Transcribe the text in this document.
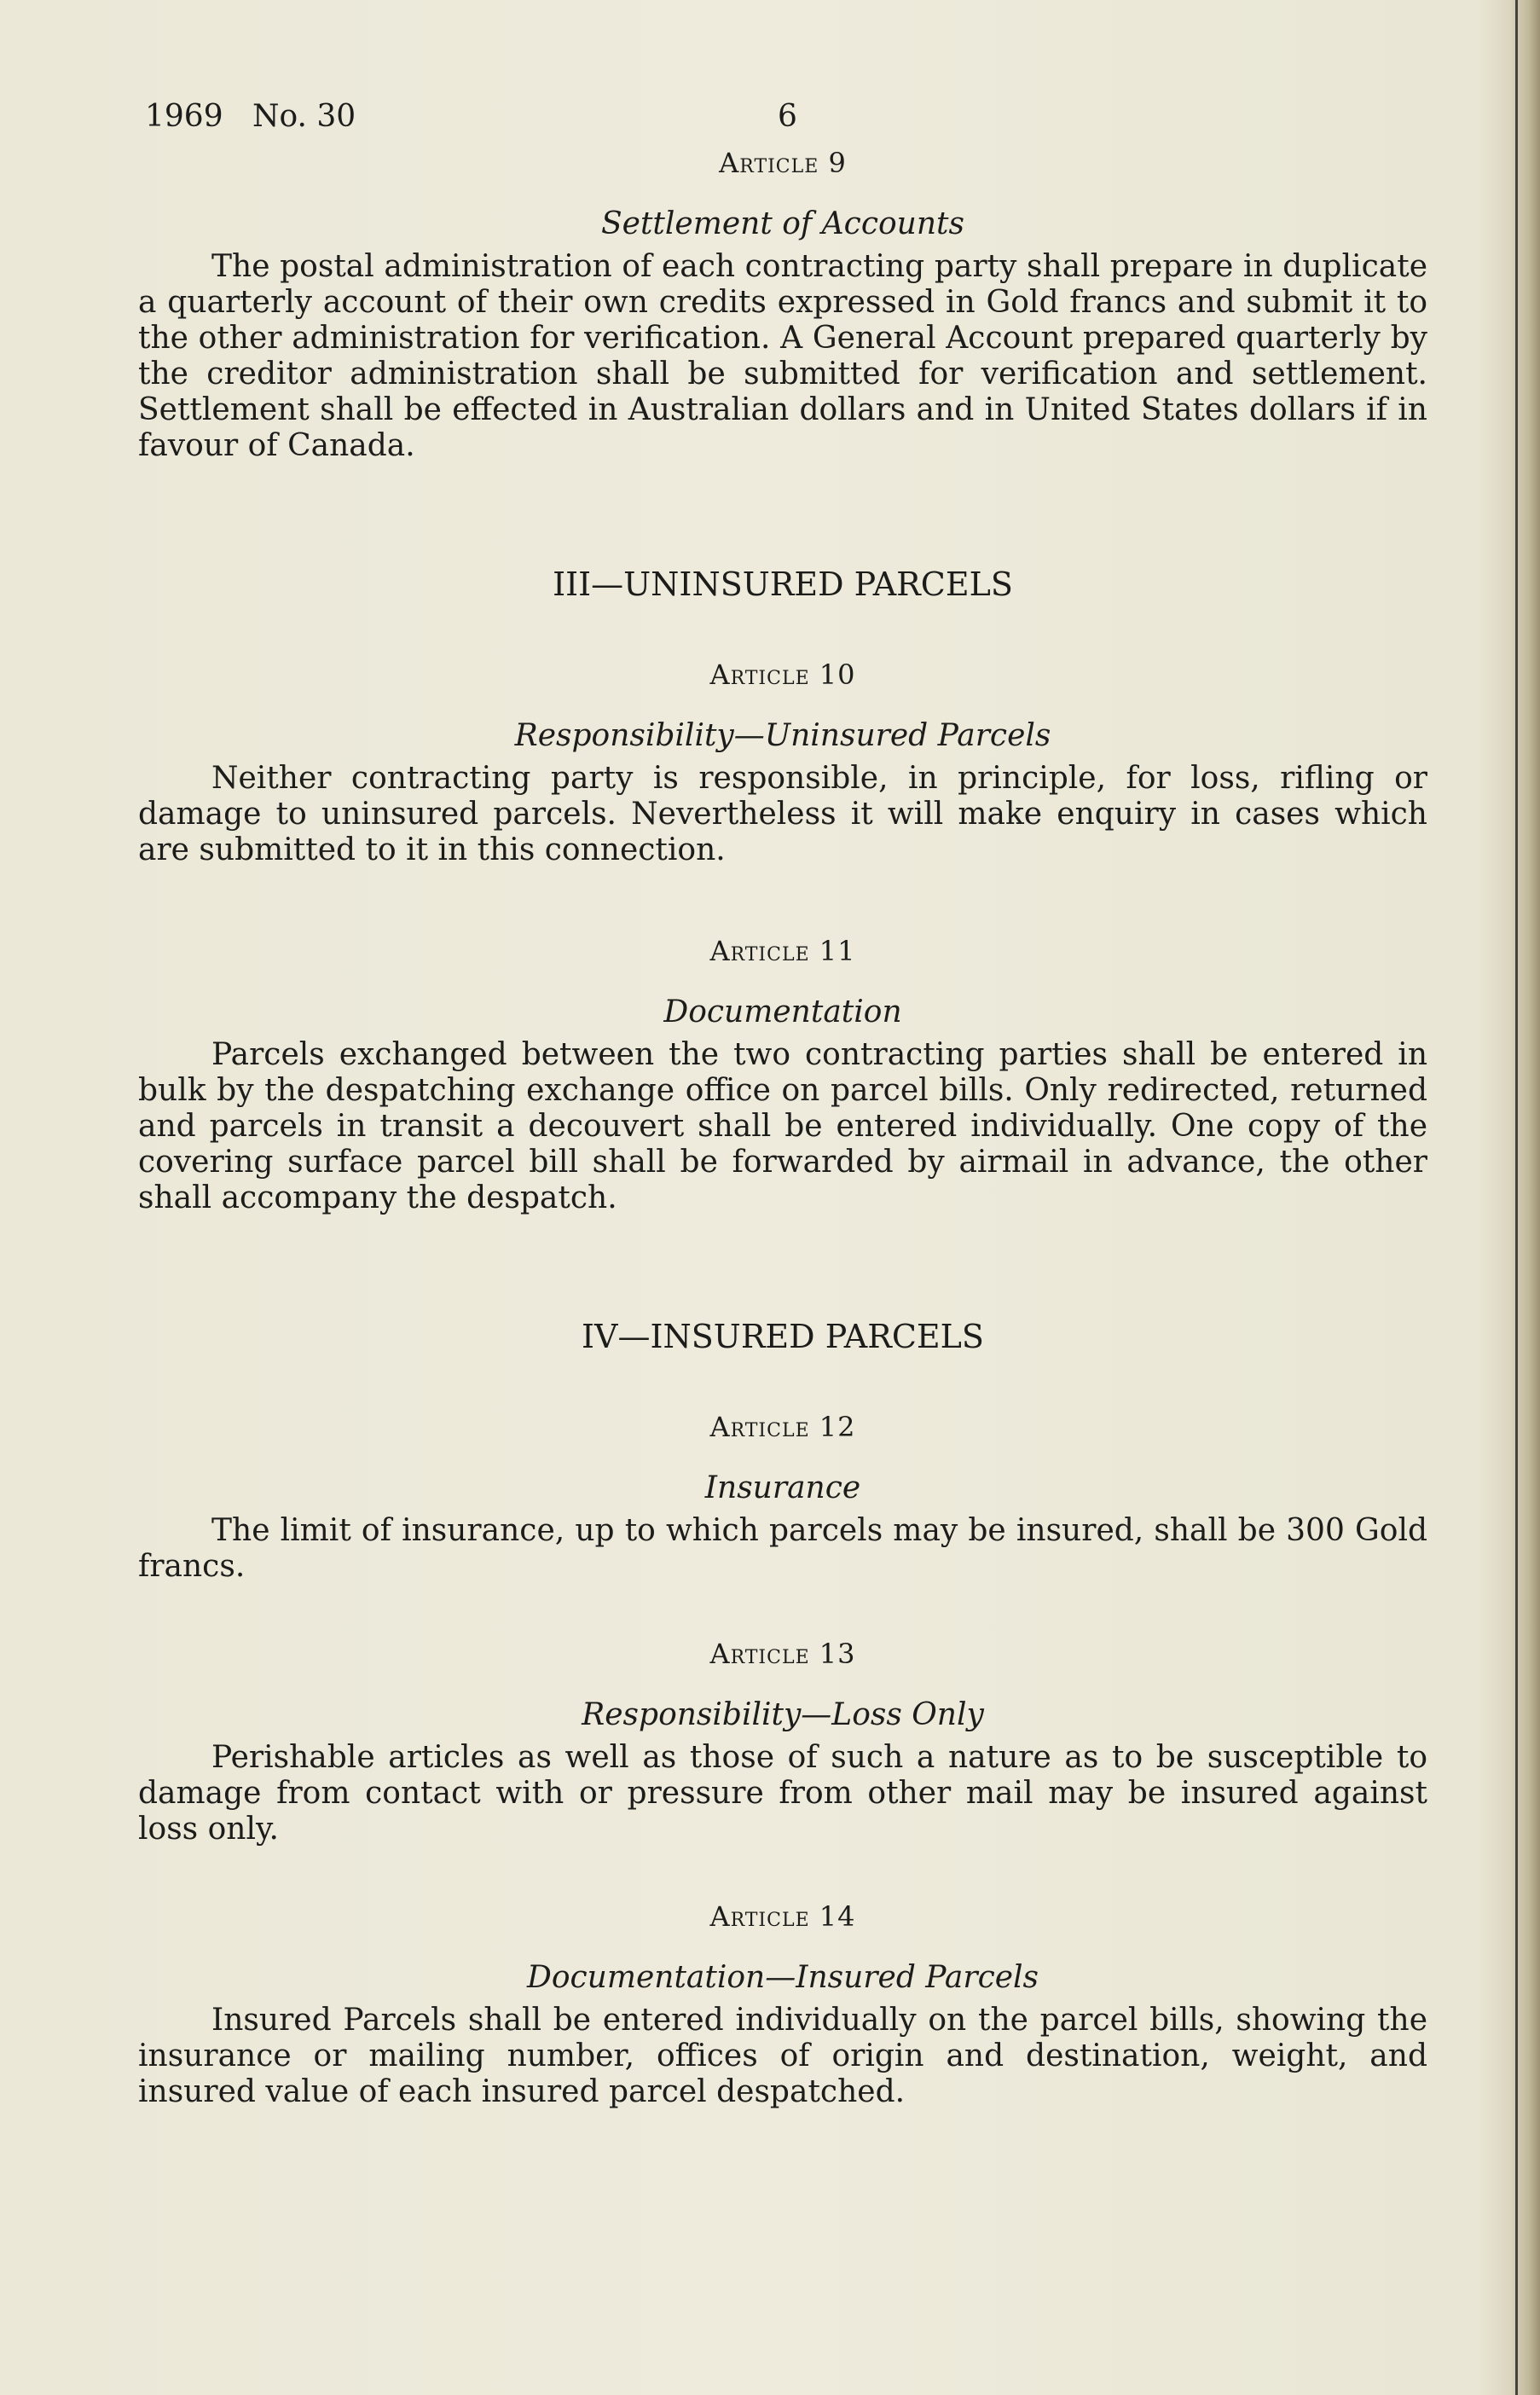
1969   No. 30	6

Article 9

Settlement of Accounts

The postal administration of each contracting party shall prepare in duplicate a quarterly account of their own credits expressed in Gold francs and submit it to the other administration for verification. A General Account prepared quarterly by the creditor administration shall be submitted for verification and settlement. Settlement shall be effected in Australian dollars and in United States dollars if in favour of Canada.

III—UNINSURED PARCELS

Article 10

Responsibility—Uninsured Parcels

Neither contracting party is responsible, in principle, for loss, rifling or damage to uninsured parcels. Nevertheless it will make enquiry in cases which are submitted to it in this connection.

Article 11

Documentation

Parcels exchanged between the two contracting parties shall be entered in bulk by the despatching exchange office on parcel bills. Only redirected, returned and parcels in transit a decouvert shall be entered individually. One copy of the covering surface parcel bill shall be forwarded by airmail in advance, the other shall accompany the despatch.

IV—INSURED PARCELS

Article 12

Insurance

The limit of insurance, up to which parcels may be insured, shall be 300 Gold francs.

Article 13

Responsibility—Loss Only

Perishable articles as well as those of such a nature as to be susceptible to damage from contact with or pressure from other mail may be insured against loss only.

Article 14

Documentation—Insured Parcels

Insured Parcels shall be entered individually on the parcel bills, showing the insurance or mailing number, offices of origin and destination, weight, and insured value of each insured parcel despatched.
